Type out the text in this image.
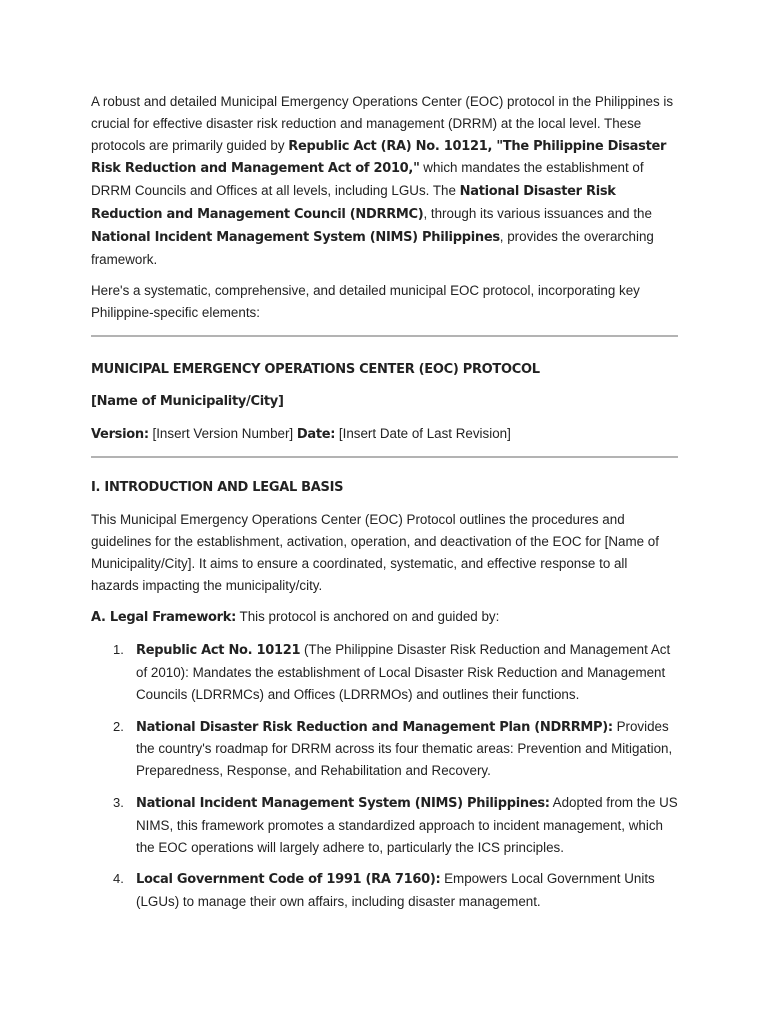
A robust and detailed Municipal Emergency Operations Center (EOC) protocol in the Philippines is crucial for effective disaster risk reduction and management (DRRM) at the local level. These protocols are primarily guided by Republic Act (RA) No. 10121, "The Philippine Disaster Risk Reduction and Management Act of 2010," which mandates the establishment of DRRM Councils and Offices at all levels, including LGUs. The National Disaster Risk Reduction and Management Council (NDRRMC), through its various issuances and the National Incident Management System (NIMS) Philippines, provides the overarching framework.

Here's a systematic, comprehensive, and detailed municipal EOC protocol, incorporating key Philippine-specific elements:

MUNICIPAL EMERGENCY OPERATIONS CENTER (EOC) PROTOCOL

[Name of Municipality/City]

Version: [Insert Version Number] Date: [Insert Date of Last Revision]

I. INTRODUCTION AND LEGAL BASIS

This Municipal Emergency Operations Center (EOC) Protocol outlines the procedures and guidelines for the establishment, activation, operation, and deactivation of the EOC for [Name of Municipality/City]. It aims to ensure a coordinated, systematic, and effective response to all hazards impacting the municipality/city.

A. Legal Framework: This protocol is anchored on and guided by:

1. Republic Act No. 10121 (The Philippine Disaster Risk Reduction and Management Act of 2010): Mandates the establishment of Local Disaster Risk Reduction and Management Councils (LDRRMCs) and Offices (LDRRMOs) and outlines their functions.
2. National Disaster Risk Reduction and Management Plan (NDRRMP): Provides the country's roadmap for DRRM across its four thematic areas: Prevention and Mitigation, Preparedness, Response, and Rehabilitation and Recovery.
3. National Incident Management System (NIMS) Philippines: Adopted from the US NIMS, this framework promotes a standardized approach to incident management, which the EOC operations will largely adhere to, particularly the ICS principles.
4. Local Government Code of 1991 (RA 7160): Empowers Local Government Units (LGUs) to manage their own affairs, including disaster management.
